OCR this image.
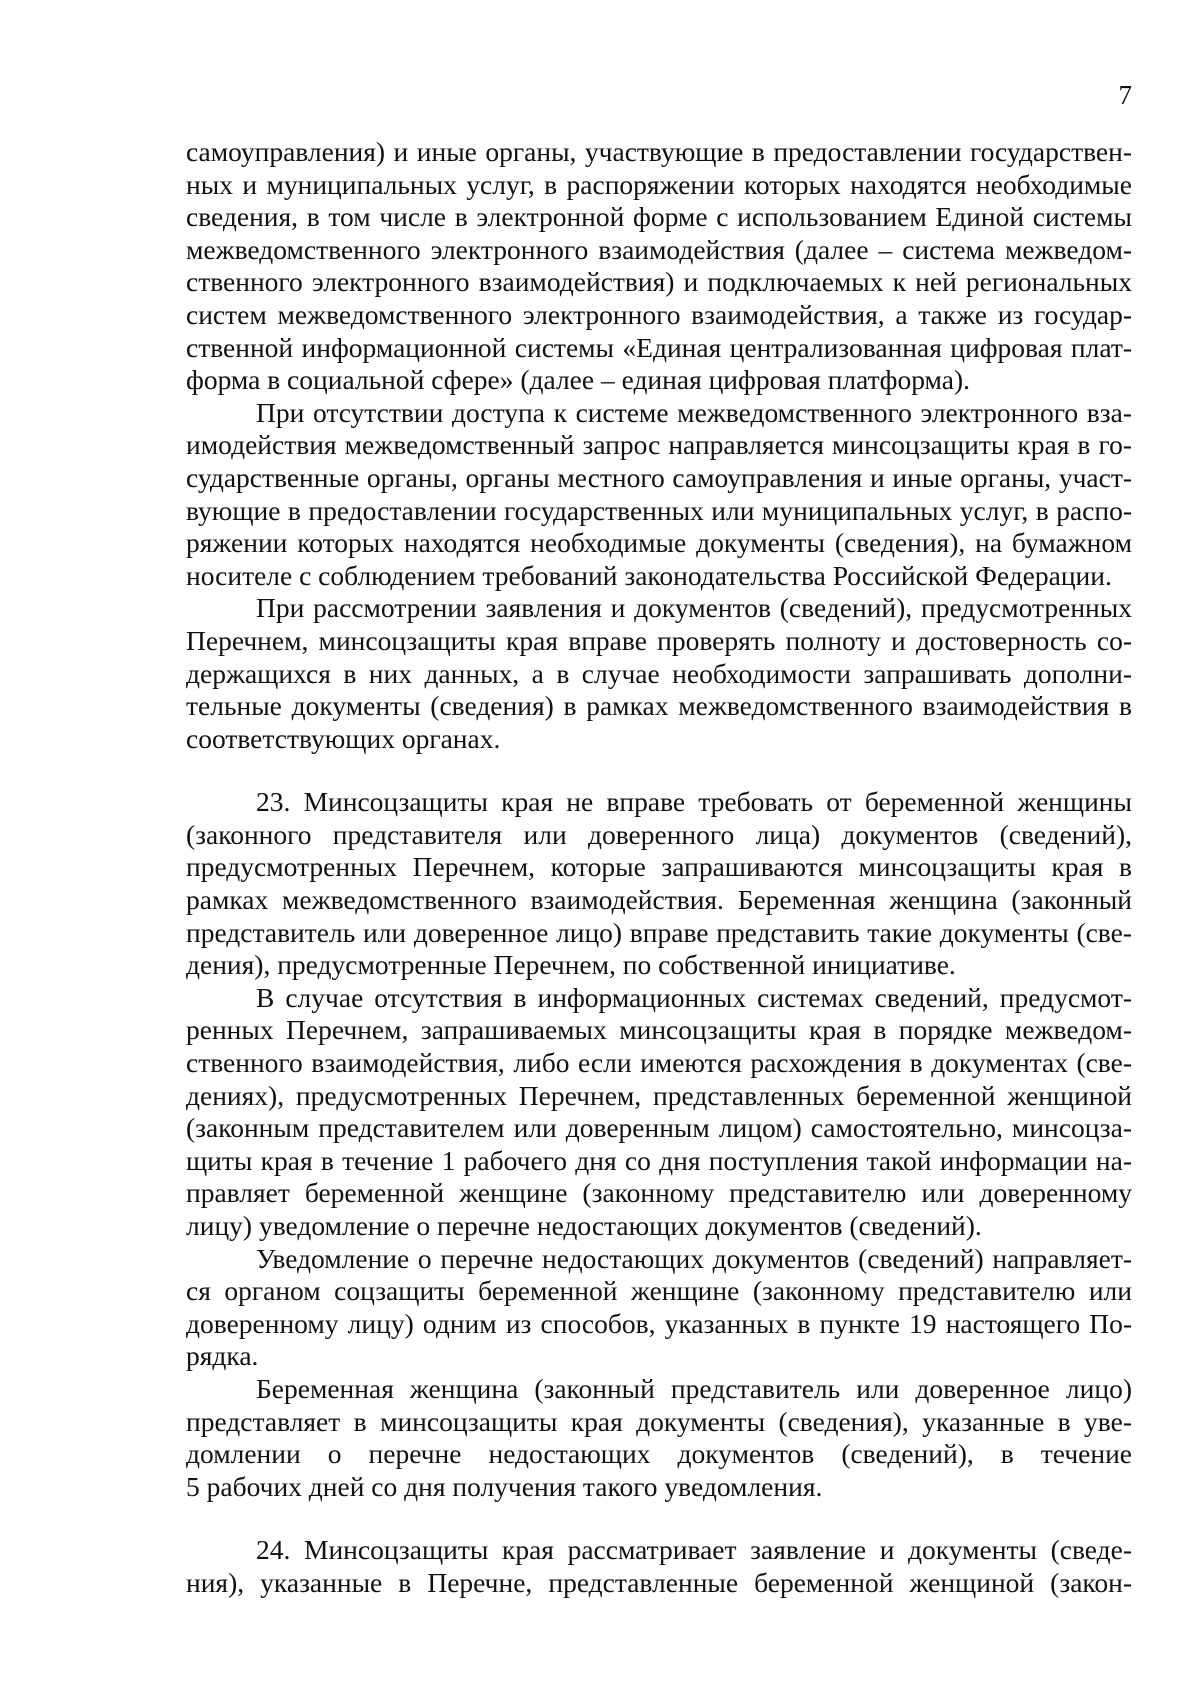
7
самоуправления) и иные органы, участвующие в предоставлении государствен-
ных и муниципальных услуг, в распоряжении которых находятся необходимые
сведения, в том числе в электронной форме с использованием Единой системы
межведомственного электронного взаимодействия (далее – система межведом-
ственного электронного взаимодействия) и подключаемых к ней региональных
систем межведомственного электронного взаимодействия, а также из государ-
ственной информационной системы «Единая централизованная цифровая плат-
форма в социальной сфере» (далее – единая цифровая платформа).
При отсутствии доступа к системе межведомственного электронного вза-
имодействия межведомственный запрос направляется минсоцзащиты края в го-
сударственные органы, органы местного самоуправления и иные органы, участ-
вующие в предоставлении государственных или муниципальных услуг, в распо-
ряжении которых находятся необходимые документы (сведения), на бумажном
носителе с соблюдением требований законодательства Российской Федерации.
При рассмотрении заявления и документов (сведений), предусмотренных
Перечнем, минсоцзащиты края вправе проверять полноту и достоверность со-
держащихся в них данных, а в случае необходимости запрашивать дополни-
тельные документы (сведения) в рамках межведомственного взаимодействия в
соответствующих органах.
23. Минсоцзащиты края не вправе требовать от беременной женщины
(законного представителя или доверенного лица) документов (сведений),
предусмотренных Перечнем, которые запрашиваются минсоцзащиты края в
рамках межведомственного взаимодействия. Беременная женщина (законный
представитель или доверенное лицо) вправе представить такие документы (све-
дения), предусмотренные Перечнем, по собственной инициативе.
В случае отсутствия в информационных системах сведений, предусмот-
ренных Перечнем, запрашиваемых минсоцзащиты края в порядке межведом-
ственного взаимодействия, либо если имеются расхождения в документах (све-
дениях), предусмотренных Перечнем, представленных беременной женщиной
(законным представителем или доверенным лицом) самостоятельно, минсоцза-
щиты края в течение 1 рабочего дня со дня поступления такой информации на-
правляет беременной женщине (законному представителю или доверенному
лицу) уведомление о перечне недостающих документов (сведений).
Уведомление о перечне недостающих документов (сведений) направляет-
ся органом соцзащиты беременной женщине (законному представителю или
доверенному лицу) одним из способов, указанных в пункте 19 настоящего По-
рядка.
Беременная женщина (законный представитель или доверенное лицо)
представляет в минсоцзащиты края документы (сведения), указанные в уве-
домлении о перечне недостающих документов (сведений), в течение
5 рабочих дней со дня получения такого уведомления.
24. Минсоцзащиты края рассматривает заявление и документы (сведе-
ния), указанные в Перечне, представленные беременной женщиной (закон-
